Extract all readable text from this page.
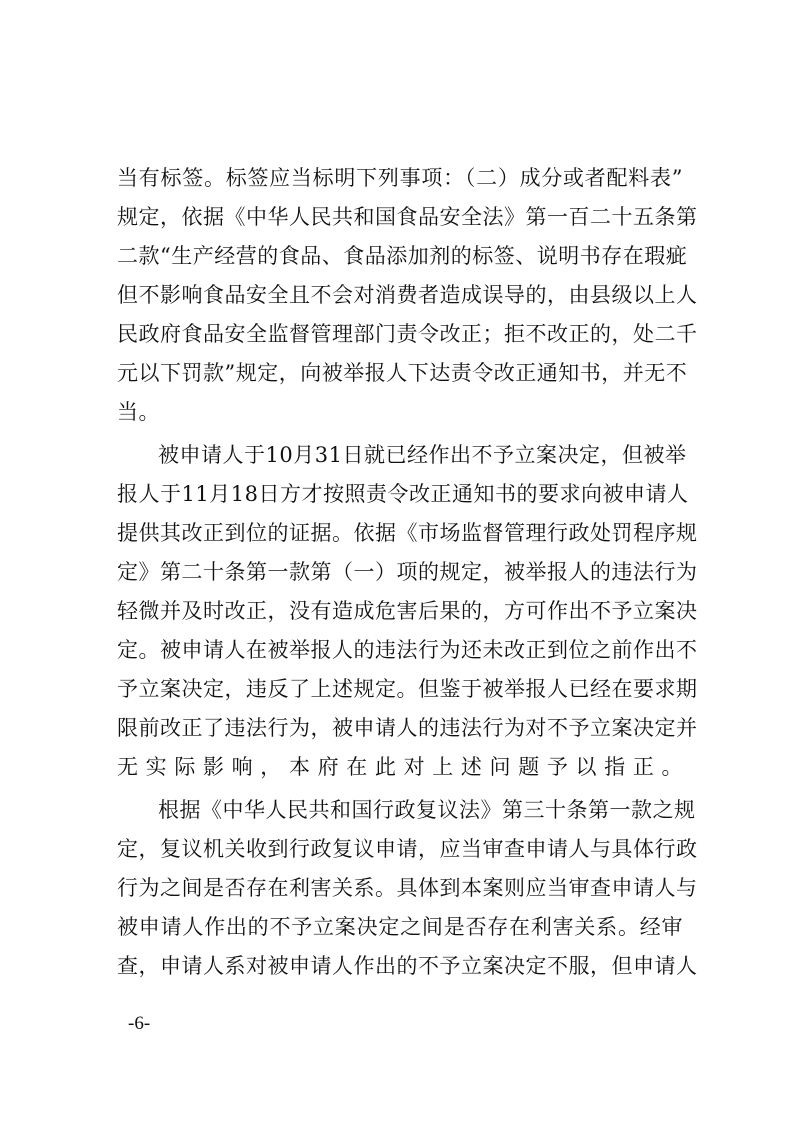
当有标签。标签应当标明下列事项：（二）成分或者配料表”
规定，依据《中华人民共和国食品安全法》第一百二十五条第
二款“生产经营的食品、食品添加剂的标签、说明书存在瑕疵
但不影响食品安全且不会对消费者造成误导的，由县级以上人
民政府食品安全监督管理部门责令改正；拒不改正的，处二千
元以下罚款”规定，向被举报人下达责令改正通知书，并无不
当。
被申请人于10月31日就已经作出不予立案决定，但被举
报人于11月18日方才按照责令改正通知书的要求向被申请人
提供其改正到位的证据。依据《市场监督管理行政处罚程序规
定》第二十条第一款第（一）项的规定，被举报人的违法行为
轻微并及时改正，没有造成危害后果的，方可作出不予立案决
定。被申请人在被举报人的违法行为还未改正到位之前作出不
予立案决定，违反了上述规定。但鉴于被举报人已经在要求期
限前改正了违法行为，被申请人的违法行为对不予立案决定并
无实际影响，本府在此对上述问题予以指正。
根据《中华人民共和国行政复议法》第三十条第一款之规
定，复议机关收到行政复议申请，应当审查申请人与具体行政
行为之间是否存在利害关系。具体到本案则应当审查申请人与
被申请人作出的不予立案决定之间是否存在利害关系。经审
查，申请人系对被申请人作出的不予立案决定不服，但申请人
-6-
